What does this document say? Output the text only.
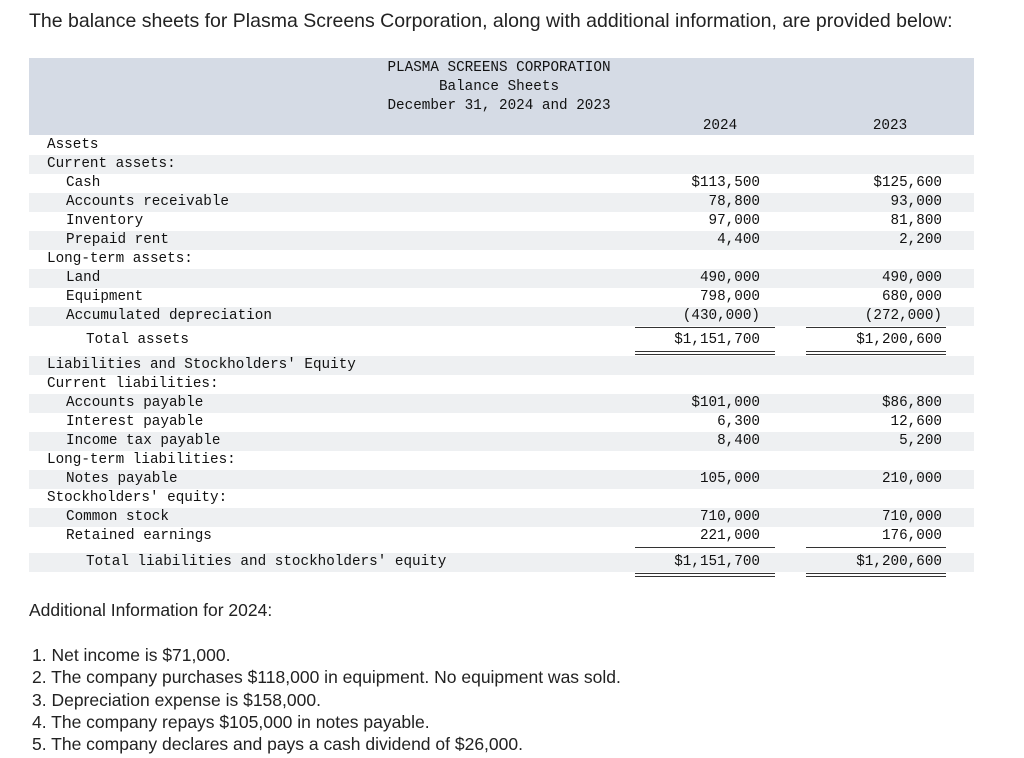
The balance sheets for Plasma Screens Corporation, along with additional information, are provided below:
PLASMA SCREENS CORPORATION
Balance Sheets
December 31, 2024 and 2023
2024	2023
Assets
Current assets:
Cash	$113,500	$125,600
Accounts receivable	78,800	93,000
Inventory	97,000	81,800
Prepaid rent	4,400	2,200
Long-term assets:
Land	490,000	490,000
Equipment	798,000	680,000
Accumulated depreciation	(430,000)	(272,000)
Total assets	$1,151,700	$1,200,600
Liabilities and Stockholders' Equity
Current liabilities:
Accounts payable	$101,000	$86,800
Interest payable	6,300	12,600
Income tax payable	8,400	5,200
Long-term liabilities:
Notes payable	105,000	210,000
Stockholders' equity:
Common stock	710,000	710,000
Retained earnings	221,000	176,000
Total liabilities and stockholders' equity	$1,151,700	$1,200,600
Additional Information for 2024:
1. Net income is $71,000.
2. The company purchases $118,000 in equipment. No equipment was sold.
3. Depreciation expense is $158,000.
4. The company repays $105,000 in notes payable.
5. The company declares and pays a cash dividend of $26,000.
